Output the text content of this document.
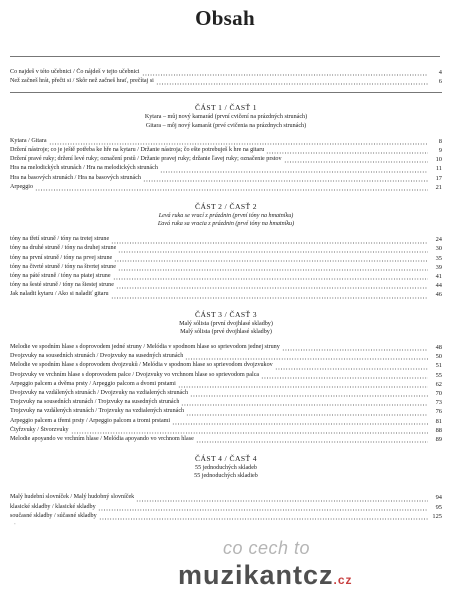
Obsah
Co najdeš v této učebnici / Čo nájdeš v tejto učebnici	4
Než začneš hrát, přečti si / Skôr než začneš hrať, prečítaj si	6
ČÁST 1 / ČASŤ 1
Kytara – můj nový kamarád (první cvičení na prázdných strunách)
Gitara – môj nový kamarát (prvé cvičenia na prázdnych strunách)
Kytara / Gitara	8
Držení nástroje; co je ještě potřeba ke hře na kytaru / Držanie nástroja; čo ešte potrebuješ k hre na gitaru	9
Držení pravé ruky; držení levé ruky; označení prstů / Držanie pravej ruky; držanie ľavej ruky; označenie prstov	10
Hra na melodických strunách / Hra na melodických strunách	11
Hra na basových strunách / Hra na basových strunách	17
Arpeggio	21
ČÁST 2 / ČASŤ 2
Levá ruka se vrací z prázdnin (první tóny na hmatníku)
Ľavá ruka sa vracia z prázdnin (prvé tóny na hmatníku)
tóny na třetí struně / tóny na tretej strune	24
tóny na druhé struně / tóny na druhej strune	30
tóny na první struně / tóny na prvej strune	35
tóny na čtvrté struně / tóny na štvrtej strune	39
tóny na páté struně / tóny na piatej strune	41
tóny na šesté struně / tóny na šiestej strune	44
Jak naladit kytaru / Ako si naladiť gitaru	46
ČÁST 3 / ČASŤ 3
Malý sólista (první dvojhlasé skladby)
Malý sólista (prvé dvojhlasé skladby)
Melodie ve spodním hlase s doprovodem jedné struny / Melódia v spodnom hlase so sprievodom jednej struny	48
Dvojzvuky na sousedních strunách / Dvojzvuky na susedných strunách	50
Melodie ve spodním hlase s doprovodem dvojzvuků / Melódia v spodnom hlase so sprievodom dvojzvukov	51
Dvojzvuky ve vrchním hlase s doprovodem palce / Dvojzvuky vo vrchnom hlase so sprievodom palca	55
Arpeggio palcem a dvěma prsty / Arpeggio palcom a dvomi prstami	62
Dvojzvuky na vzdálených strunách / Dvojzvuky na vzdialených strunách	70
Trojzvuky na sousedních strunách / Trojzvuky na susedných strunách	73
Trojzvuky na vzdálených strunách / Trojzvuky na vzdialených strunách	76
Arpeggio palcem a třemi prsty / Arpeggio palcom a tromi prstami	81
Čtyřzvuky / Štvorzvuky	88
Melodie apoyando ve vrchním hlase / Melódia apoyando vo vrchnom hlase	89
ČÁST 4 / ČASŤ 4
55 jednoduchých skladeb
55 jednoduchých skladieb
Malý hudební slovníček / Malý hudobný slovníček	94
klasické skladby / klasické skladby	95
současné skladby / súčasné skladby	125
ᐧ
co cech to
muzikantcz.cz
